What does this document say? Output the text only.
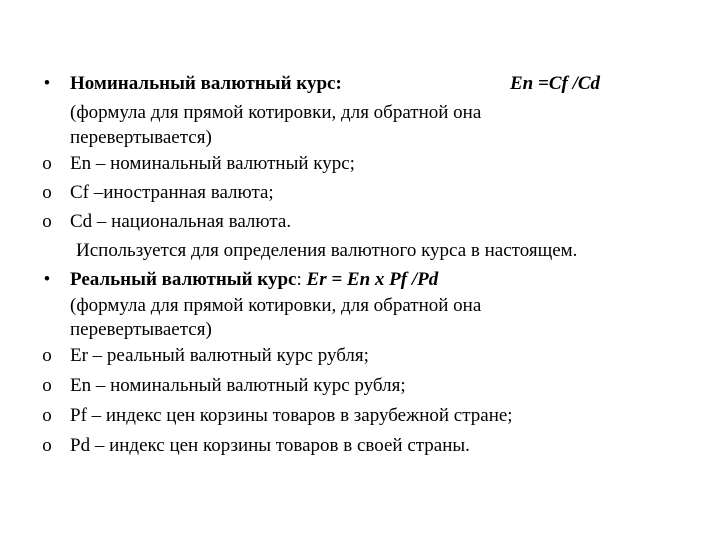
• Номинальный валютный курс:	En =Cf /Cd
(формула для прямой котировки, для обратной она
перевертывается)
o En – номинальный валютный курс;
o Cf –иностранная валюта;
o Cd – национальная валюта.
Используется для определения валютного курса в настоящем.
• Реальный валютный курс: Er = En x Pf /Pd
(формула для прямой котировки, для обратной она
перевертывается)
o Er – реальный валютный курс рубля;
o En – номинальный валютный курс рубля;
o Pf – индекс цен корзины товаров в зарубежной стране;
o Pd – индекс цен корзины товаров в своей страны.
